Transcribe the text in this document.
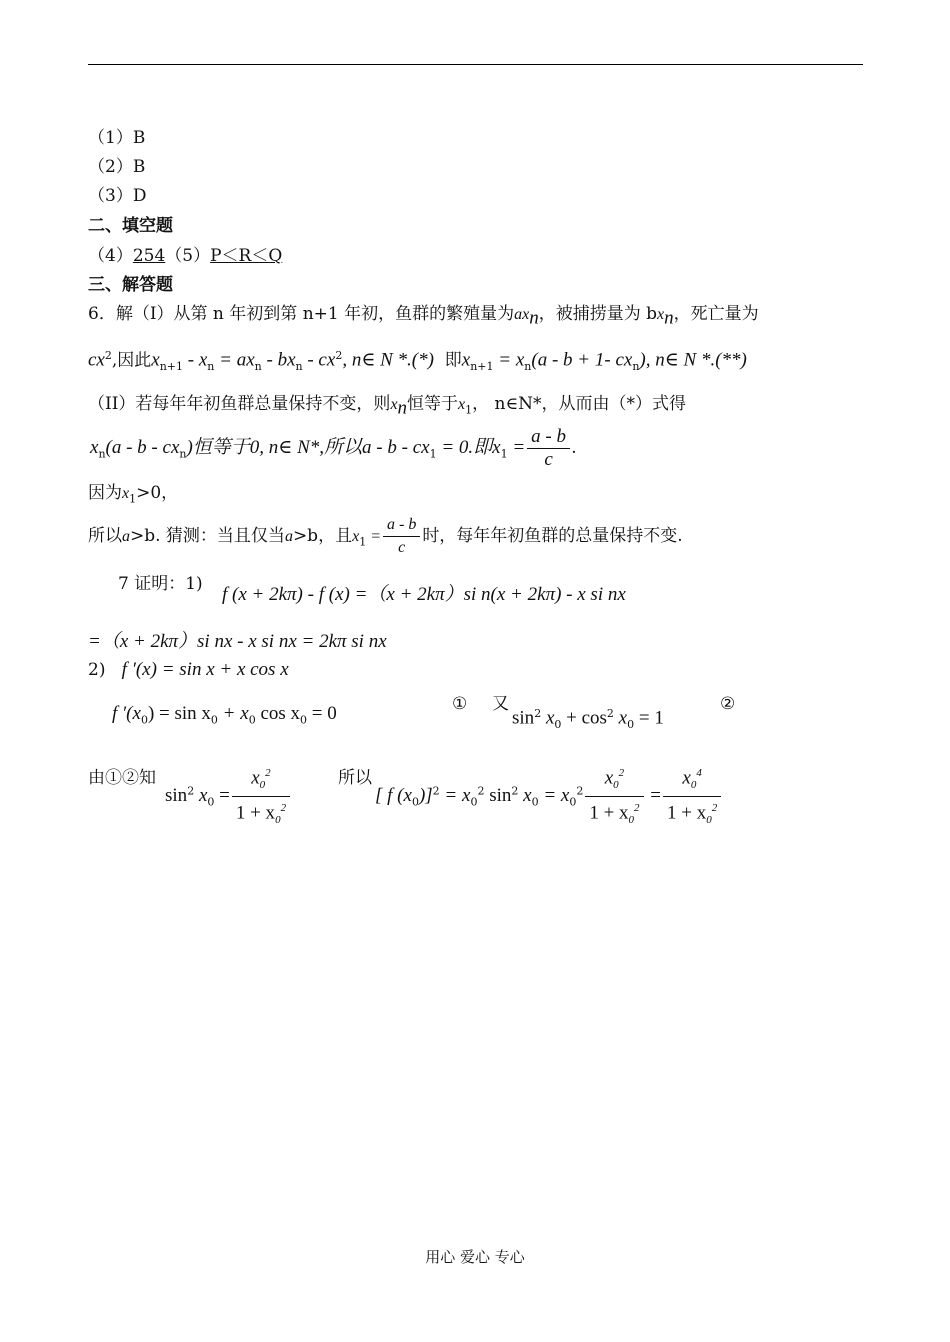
（1）B
（2）B
（3）D
二、填空题
（4）254（5）P＜R＜Q
三、解答题
6．解（I）从第 n 年初到第 n+1 年初，鱼群的繁殖量为$ax_n$，被捕捞量为 $bx_n$，死亡量为
$cx^2$,因此$x_{n+1} - x_n = ax_n - bx_n - cx^2$, n∈ N *.(*) 即$x_{n+1} = x_n(a - b + 1-$ $cx_n$), n∈ N *.(**)
（II）若每年年初鱼群总量保持不变，则$x_n$恒等于$x_1$， n∈N*，从而由（*）式得
$x_n(a$ - b - $cx_n$)恒等于0, n∈ N*,所以$a - b - cx_1 = 0$.即$x_1 = \frac{a - b}{c}$ .
因为$x_1>0$，
所以a>b. 猜测：当且仅当a>b，且$x_1 = \frac{a - b}{c}$ 时，每年年初鱼群的总量保持不变.
7 证明：1) f (x + 2kπ) - f (x) =（x + 2kπ）si n(x + 2kπ) - x si nx
=（x + 2kπ）si nx - x si nx = 2kπ si nx
2) f ′(x) = sin x + x cos x
f $'(x_0) = \sin x_0 + x_0$ $\cos x_0 = 0$	① 又
$\sin^2 x_0 + \cos^2 x_0 = 1$
②
由①②知
$\sin^2 x_0 = \frac{x_0^2}{1 + x_0^2}$	所以
[ f $(x_0)]^2 = x_0^2$ $\sin^2 x_0 = x_0^2 \frac{x_0^2}{1 + x_0^2} = \frac{x_0^4}{1 + x_0^2}$
用心 爱心 专心
